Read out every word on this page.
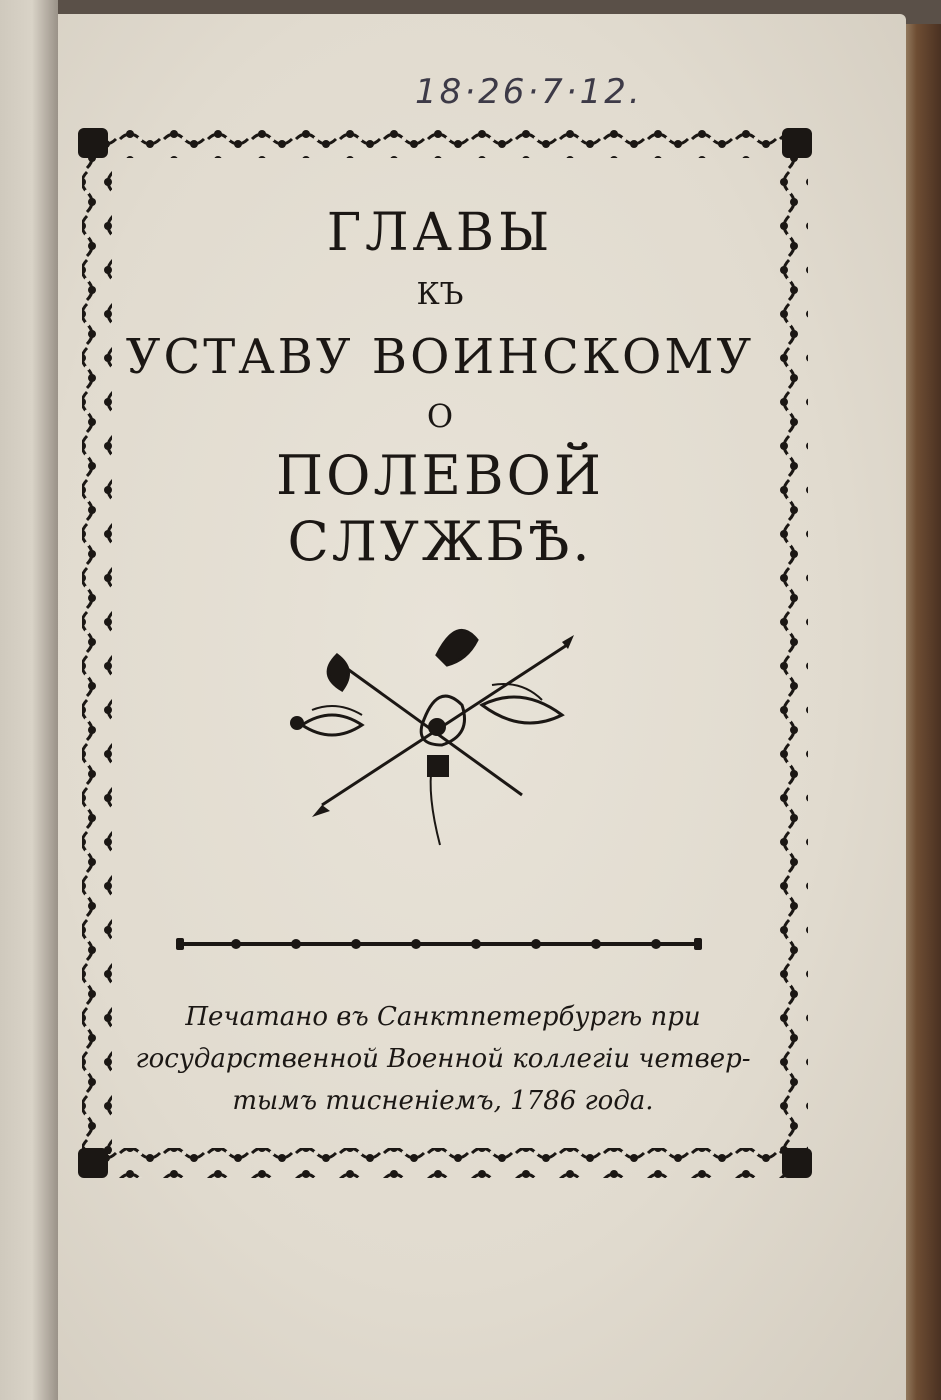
18·26·7·12.
ГЛАВЫ
КЪ
УСТАВУ ВОИНСКОМУ
О
ПОЛЕВОЙ СЛУЖБѢ.
Печатано въ Санктпетербургѣ при
государственной Военной коллегіи четвер-
тымъ тисненіемъ, 1786 года.
